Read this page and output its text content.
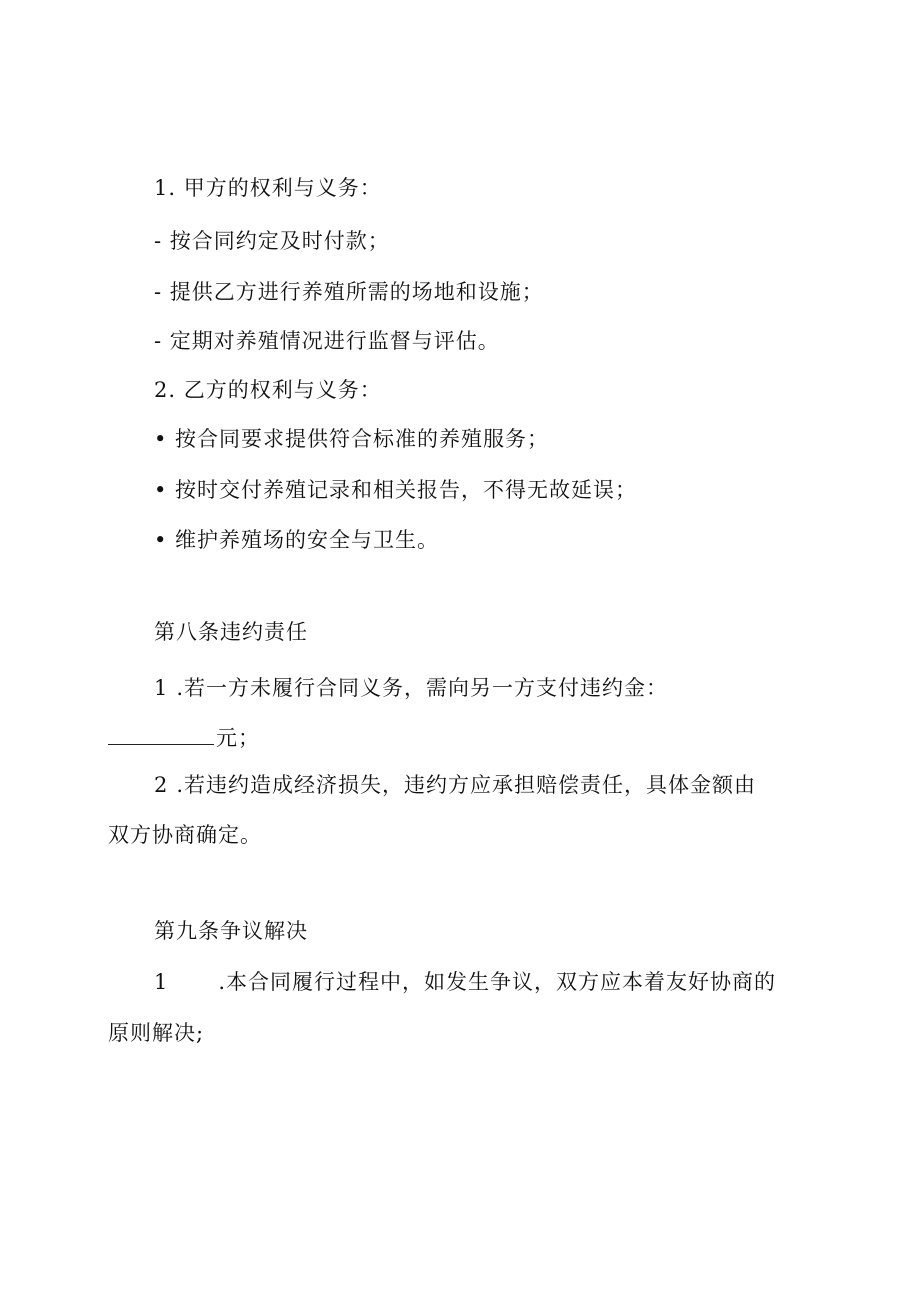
1. 甲方的权利与义务：
- 按合同约定及时付款；
- 提供乙方进行养殖所需的场地和设施；
- 定期对养殖情况进行监督与评估。
2. 乙方的权利与义务：
• 按合同要求提供符合标准的养殖服务；
• 按时交付养殖记录和相关报告，不得无故延误；
• 维护养殖场的安全与卫生。
第八条违约责任
1 .若一方未履行合同义务，需向另一方支付违约金：
元；
2 .若违约造成经济损失，违约方应承担赔偿责任，具体金额由
双方协商确定。
第九条争议解决
1 .本合同履行过程中，如发生争议，双方应本着友好协商的
原则解决;
